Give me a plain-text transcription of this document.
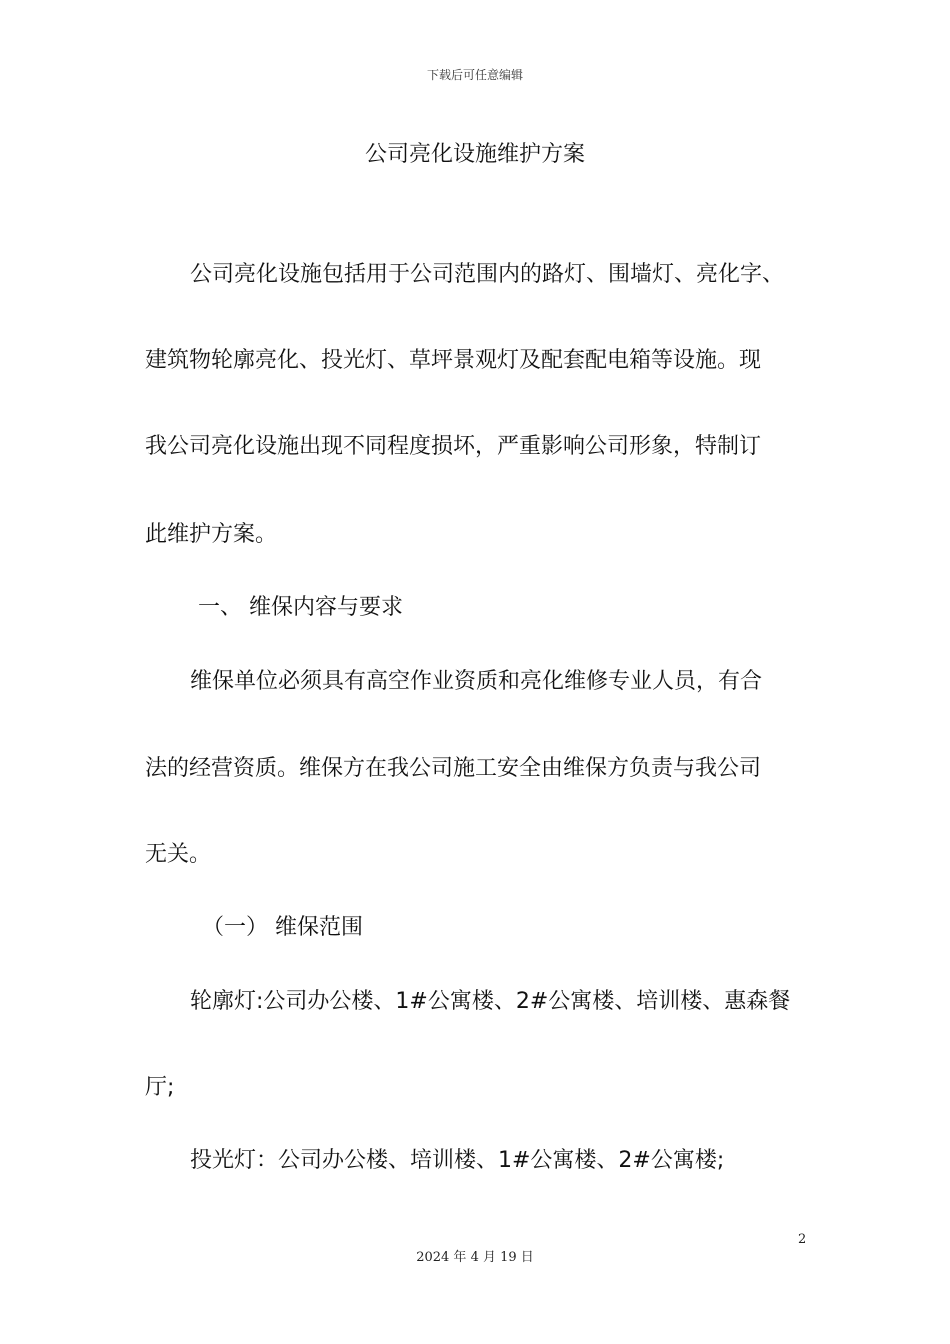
下载后可任意编辑
公司亮化设施维护方案
公司亮化设施包括用于公司范围内的路灯、围墙灯、亮化字、
建筑物轮廓亮化、投光灯、草坪景观灯及配套配电箱等设施。现
我公司亮化设施出现不同程度损坏，严重影响公司形象，特制订
此维护方案。
一、 维保内容与要求
维保单位必须具有高空作业资质和亮化维修专业人员，有合
法的经营资质。维保方在我公司施工安全由维保方负责与我公司
无关。
（一） 维保范围
轮廓灯:公司办公楼、1#公寓楼、2#公寓楼、培训楼、惠森餐
厅;
投光灯：公司办公楼、培训楼、1#公寓楼、2#公寓楼;
2
2024 年 4 月 19 日
